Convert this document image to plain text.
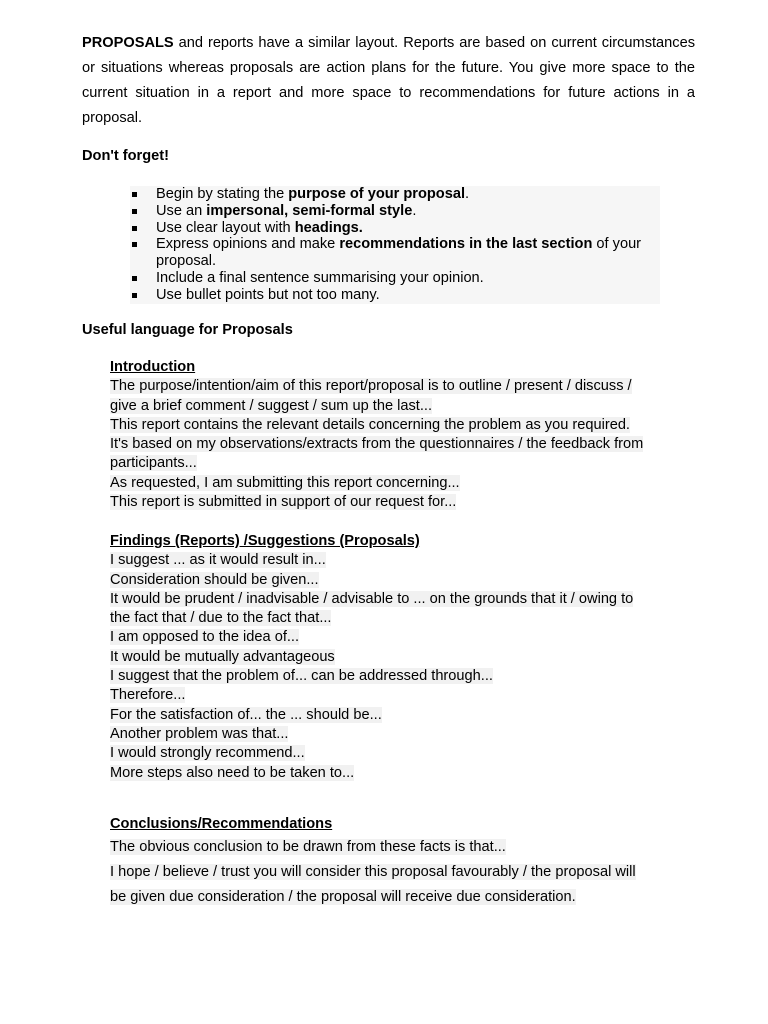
PROPOSALS and reports have a similar layout. Reports are based on current circumstances or situations whereas proposals are action plans for the future. You give more space to the current situation in a report and more space to recommendations for future actions in a proposal.

Don't forget!

Begin by stating the purpose of your proposal.
Use an impersonal, semi-formal style.
Use clear layout with headings.
Express opinions and make recommendations in the last section of your proposal.
Include a final sentence summarising your opinion.
Use bullet points but not too many.

Useful language for Proposals

Introduction
The purpose/intention/aim of this report/proposal is to outline / present / discuss /
give a brief comment / suggest / sum up the last...
This report contains the relevant details concerning the problem as you required.
It's based on my observations/extracts from the questionnaires / the feedback from
participants...
As requested, I am submitting this report concerning...
This report is submitted in support of our request for...
Findings (Reports) /Suggestions (Proposals)
I suggest ... as it would result in...
Consideration should be given...
It would be prudent / inadvisable / advisable to ... on the grounds that it / owing to
the fact that / due to the fact that...
I am opposed to the idea of...
It would be mutually advantageous
I suggest that the problem of... can be addressed through...
Therefore...
For the satisfaction of... the ... should be...
Another problem was that...
I would strongly recommend...
More steps also need to be taken to...
Conclusions/Recommendations
The obvious conclusion to be drawn from these facts is that...
I hope / believe / trust you will consider this proposal favourably / the proposal will
be given due consideration / the proposal will receive due consideration.
